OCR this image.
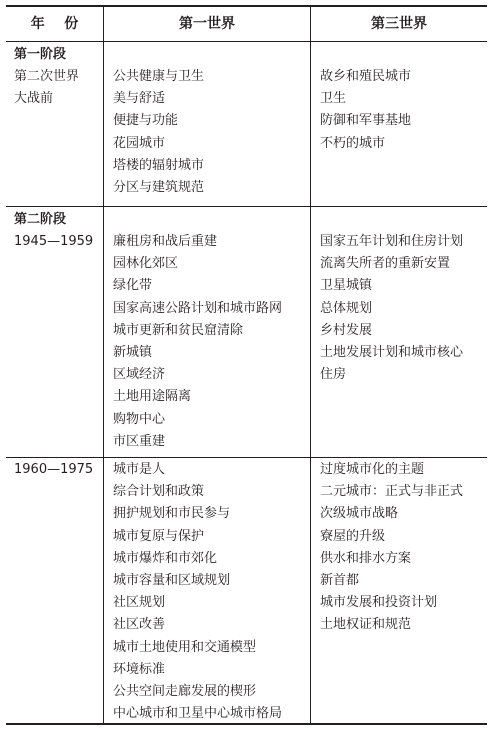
年    份	第一世界	第三世界
第一阶段
第二次世界
大战前
公共健康与卫生
美与舒适
便捷与功能
花园城市
塔楼的辐射城市
分区与建筑规范
故乡和殖民城市
卫生
防御和军事基地
不朽的城市
第二阶段
1945—1959 廉租房和战后重建
园林化郊区
绿化带
国家高速公路计划和城市路网
城市更新和贫民窟清除
新城镇
区域经济
土地用途隔离
购物中心
市区重建
国家五年计划和住房计划
流离失所者的重新安置
卫星城镇
总体规划
乡村发展
土地发展计划和城市核心
住房
1960—1975 城市是人
综合计划和政策
拥护规划和市民参与
城市复原与保护
城市爆炸和市郊化
城市容量和区域规划
社区规划
社区改善
城市土地使用和交通模型
环境标准
公共空间走廊发展的楔形
中心城市和卫星中心城市格局
过度城市化的主题
二元城市：正式与非正式
次级城市战略
寮屋的升级
供水和排水方案
新首都
城市发展和投资计划
土地权证和规范
